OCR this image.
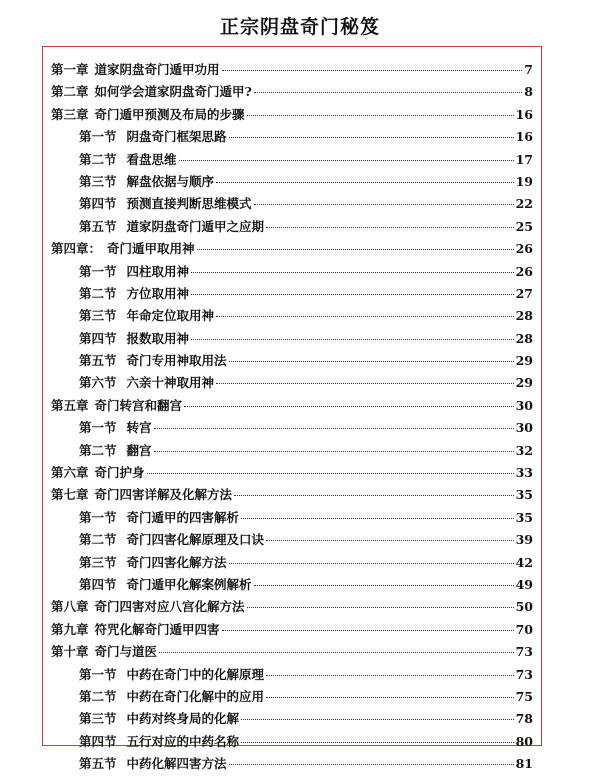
正宗阴盘奇门秘笈
第一章 道家阴盘奇门遁甲功用	7
第二章 如何学会道家阴盘奇门遁甲?	8
第三章 奇门遁甲预测及布局的步骤	16
第一节 阴盘奇门框架思路	16
第二节 看盘思维	17
第三节 解盘依据与顺序	19
第四节 预测直接判断思维模式	22
第五节 道家阴盘奇门遁甲之应期	25
第四章： 奇门遁甲取用神	26
第一节 四柱取用神	26
第二节 方位取用神	27
第三节 年命定位取用神	28
第四节 报数取用神	28
第五节 奇门专用神取用法	29
第六节 六亲十神取用神	29
第五章 奇门转宫和翻宫	30
第一节 转宫	30
第二节 翻宫	32
第六章 奇门护身	33
第七章 奇门四害详解及化解方法	35
第一节 奇门遁甲的四害解析	35
第二节 奇门四害化解原理及口诀	39
第三节 奇门四害化解方法	42
第四节 奇门遁甲化解案例解析	49
第八章 奇门四害对应八宫化解方法	50
第九章 符咒化解奇门遁甲四害	70
第十章 奇门与道医	73
第一节 中药在奇门中的化解原理	73
第二节 中药在奇门化解中的应用	75
第三节 中药对终身局的化解	78
第四节 五行对应的中药名称	80
第五节 中药化解四害方法	81
